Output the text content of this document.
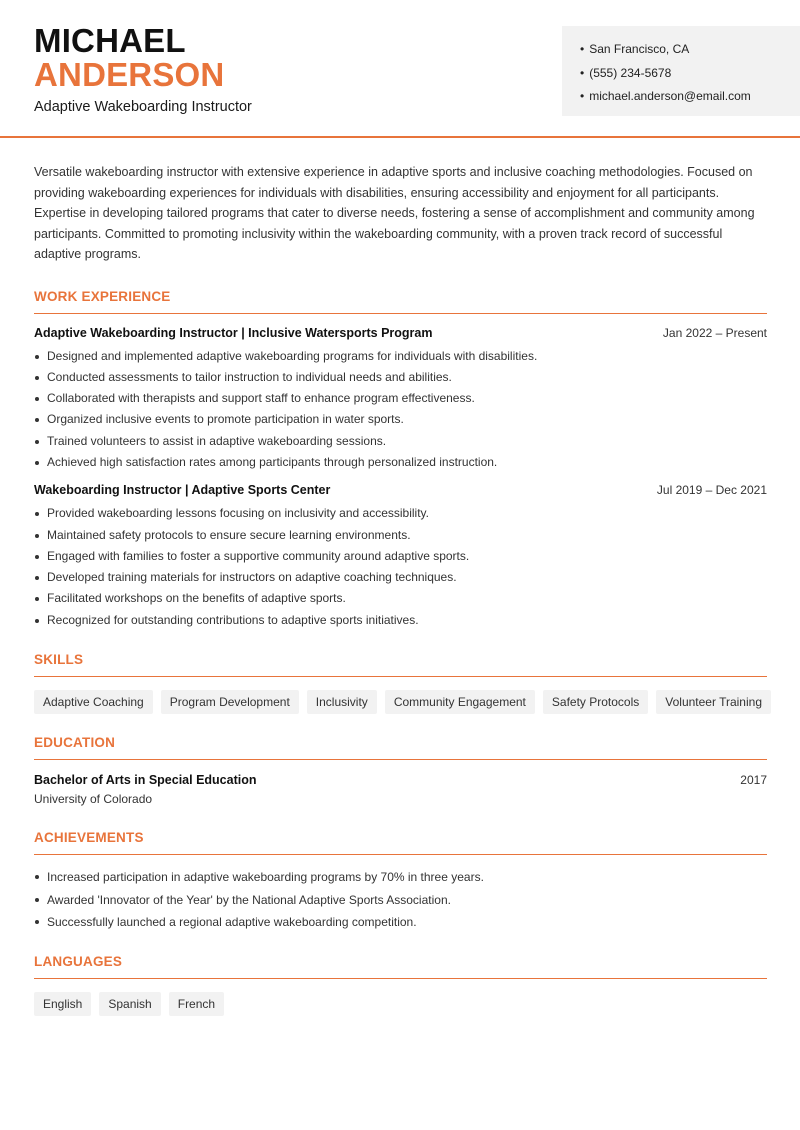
MICHAEL
ANDERSON
Adaptive Wakeboarding Instructor
• San Francisco, CA
• (555) 234-5678
• michael.anderson@email.com

Versatile wakeboarding instructor with extensive experience in adaptive sports and inclusive coaching methodologies. Focused on providing wakeboarding experiences for individuals with disabilities, ensuring accessibility and enjoyment for all participants. Expertise in developing tailored programs that cater to diverse needs, fostering a sense of accomplishment and community among participants. Committed to promoting inclusivity within the wakeboarding community, with a proven track record of successful adaptive programs.

WORK EXPERIENCE
Adaptive Wakeboarding Instructor | Inclusive Watersports Program	Jan 2022 – Present
Designed and implemented adaptive wakeboarding programs for individuals with disabilities.
Conducted assessments to tailor instruction to individual needs and abilities.
Collaborated with therapists and support staff to enhance program effectiveness.
Organized inclusive events to promote participation in water sports.
Trained volunteers to assist in adaptive wakeboarding sessions.
Achieved high satisfaction rates among participants through personalized instruction.
Wakeboarding Instructor | Adaptive Sports Center	Jul 2019 – Dec 2021
Provided wakeboarding lessons focusing on inclusivity and accessibility.
Maintained safety protocols to ensure secure learning environments.
Engaged with families to foster a supportive community around adaptive sports.
Developed training materials for instructors on adaptive coaching techniques.
Facilitated workshops on the benefits of adaptive sports.
Recognized for outstanding contributions to adaptive sports initiatives.
SKILLS
Adaptive Coaching	Program Development	Inclusivity	Community Engagement	Safety Protocols	Volunteer Training
EDUCATION
Bachelor of Arts in Special Education	2017
University of Colorado
ACHIEVEMENTS
Increased participation in adaptive wakeboarding programs by 70% in three years.
Awarded 'Innovator of the Year' by the National Adaptive Sports Association.
Successfully launched a regional adaptive wakeboarding competition.
LANGUAGES
English	Spanish	French
